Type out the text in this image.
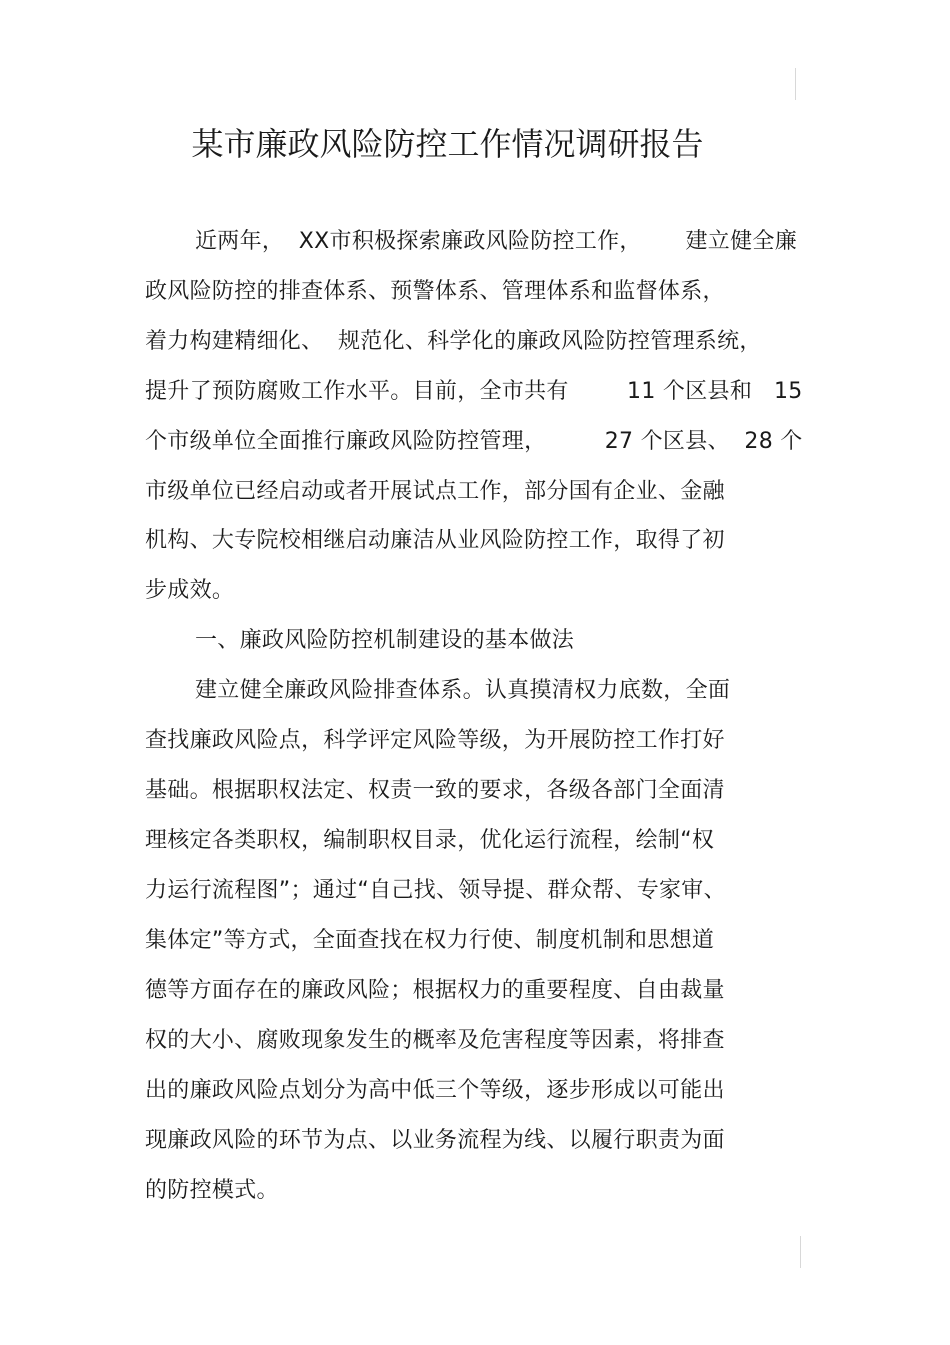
某市廉政风险防控工作情况调研报告
近两年，  XX市积极探索廉政风险防控工作，      建立健全廉
政风险防控的排查体系、预警体系、管理体系和监督体系，
着力构建精细化、  规范化、科学化的廉政风险防控管理系统，
提升了预防腐败工作水平。目前，全市共有        11 个区县和   15
个市级单位全面推行廉政风险防控管理，        27 个区县、  28 个
市级单位已经启动或者开展试点工作，部分国有企业、金融
机构、大专院校相继启动廉洁从业风险防控工作，取得了初
步成效。
一、廉政风险防控机制建设的基本做法
建立健全廉政风险排查体系。认真摸清权力底数，全面
查找廉政风险点，科学评定风险等级，为开展防控工作打好
基础。根据职权法定、权责一致的要求，各级各部门全面清
理核定各类职权，编制职权目录，优化运行流程，绘制“权
力运行流程图”；通过“自己找、领导提、群众帮、专家审、
集体定”等方式，全面查找在权力行使、制度机制和思想道
德等方面存在的廉政风险；根据权力的重要程度、自由裁量
权的大小、腐败现象发生的概率及危害程度等因素，将排查
出的廉政风险点划分为高中低三个等级，逐步形成以可能出
现廉政风险的环节为点、以业务流程为线、以履行职责为面
的防控模式。
